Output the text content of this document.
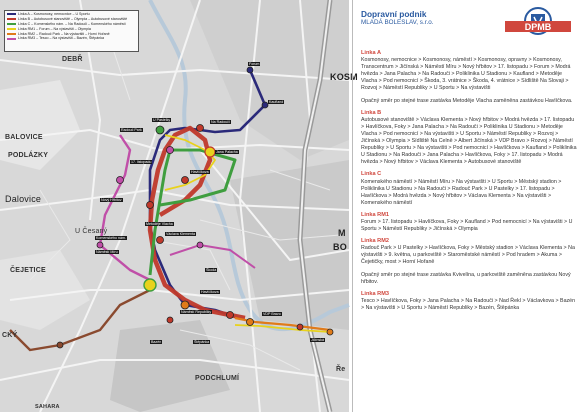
DEBŘ
KOSM
BALOVICE
PODLÁZKY
Dalovice
U Česaný
ČEJETICE
M
BO
PODCHLUMÍ
SAHARA
CKÝ
Ře
Radouč Park
U Pastelky	Na Radouči
Jana Palacha
Forum
17. listopadu
Havlíčkova
Kaufland
Metoděje Vlacha
Václava Klementa
Komenského nám.
Náměstí Míru
Nový Hřbitov
Škoda
Náměstí Republiky
Bazén
VDP Bravo
Havlíčkova
Štěpánka	Jičínská
Linka A – Kosmonosy, nemocnice – U Sportu
Linka B – Autobusové stanoviště – Olympia – Autobusové stanoviště
Linka C – Komenského nám. – Na Radouči – Komenského náměstí
Linka RM1 – Forum – Na výstavišti – Olympia
Linka RM2 – Radouč Park – Na výstavišti – Horní Hořaně
Linka RM3 – Tesco – Na výstavišti – Bazén, Štěpánka
Dopravní podnik
MLADÁ BOLESLAV, s.r.o.	DPMB
Linka A
Kosmonosy, nemocnice > Kosmonosy, náměstí > Kosmonosy, opravny > Kosmonosy, Transcentrum > Jičínská > Náměstí Míru > Nový hřbitov > 17. listopadu > Forum > Modrá hvězda > Jana Palacha > Na Radouči > Poliklinika U Stadionu > Kaufland > Metoděje Vlacha > Pod nemocnicí > Škoda, 3. vrátnice > Škoda, 4. vrátnice > Sídliště Na Slovaji > Rozvoj > Náměstí Republiky > U Sportu > Na výstavišti
Opačný směr po stejné trase zastávka Metoděje Vlacha zaměněna zastávkou Havlíčkova.
Linka B
Autobusové stanoviště > Václava Klementa > Nový hřbitov > Modrá hvězda > 17. listopadu > Havlíčkova, Foky > Jana Palacha > Na Radouči > Poliklinika U Stadionu > Metoděje Vlacha > Pod nemocnicí > Na výstavišti > U Sportu > Náměstí Republiky > Rozvoj > Jičínská > Olympia > Sídliště Na Celně > Albert Jičínská > VDP Bravo > Rozvoj > Náměstí Republiky > U Sportu > Na výstavišti > Pod nemocnicí > Havlíčkova > Kaufland > Poliklinika U Stadionu > Na Radouči > Jana Palacha > Havlíčkova, Foky > 17. listopadu > Modrá hvězda > Nový hřbitov > Václava Klementa > Autobusové stanoviště
Linka C
Komenského náměstí > Náměstí Míru > Na výstavišti > U Sportu > Městský stadion > Poliklinika U Stadionu > Na Radouči > Radouč Park > U Pastelky > 17. listopadu > Havlíčkova > Modrá hvězda > Nový hřbitov > Václava Klementa > Na výstavišti > Komenského náměstí
Linka RM1
Forum > 17. listopadu > Havlíčkova, Foky > Kaufland > Pod nemocnicí > Na výstavišti > U Sportu > Náměstí Republiky > Jičínská > Olympia
Linka RM2
Radouč Park > U Pastelky > Havlíčkova, Foky > Městský stadion > Václava Klementa > Na výstavišti > 9. května, u parkoviště > Staroměstské náměstí > Pod hradem > Akuma > Čejetičky, most > Horní Hořaně
Opačný směr po stejné trase zastávka Kvivelína, u parkoviště zaměněna zastávkou Nový hřbitov.
Linka RM3
Tesco > Havlíčkova, Foky > Jana Palacha > Na Radouči > Nad Řekl > Václavkova > Bazén > Na výstavišti > U Sportu > Náměstí Republiky > Bazén, Štěpánka
